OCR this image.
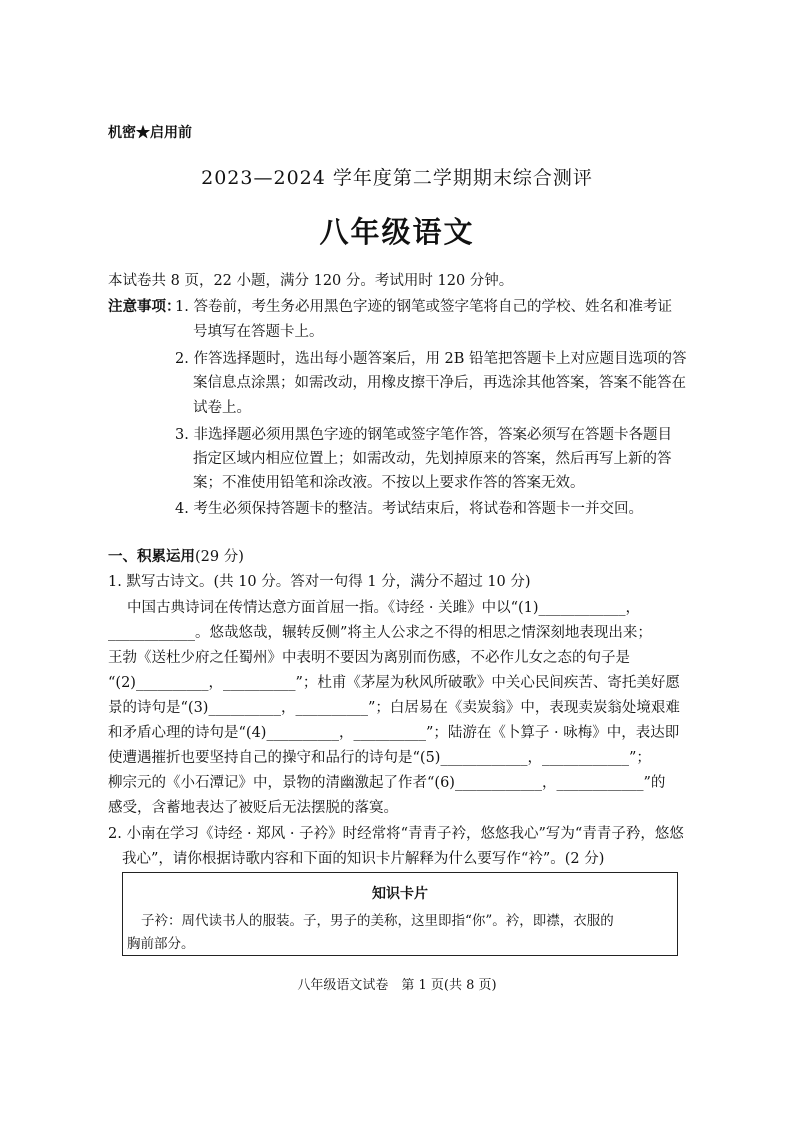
机密★启用前
2023—2024 学年度第二学期期末综合测评
八年级语文
本试卷共 8 页，22 小题，满分 120 分。考试用时 120 分钟。
注意事项：
1. 答卷前，考生务必用黑色字迹的钢笔或签字笔将自己的学校、姓名和准考证
号填写在答题卡上。
2. 作答选择题时，选出每小题答案后，用 2B 铅笔把答题卡上对应题目选项的答
案信息点涂黑；如需改动，用橡皮擦干净后，再选涂其他答案，答案不能答在
试卷上。
3. 非选择题必须用黑色字迹的钢笔或签字笔作答，答案必须写在答题卡各题目
指定区域内相应位置上；如需改动，先划掉原来的答案，然后再写上新的答
案；不准使用铅笔和涂改液。不按以上要求作答的答案无效。
4. 考生必须保持答题卡的整洁。考试结束后，将试卷和答题卡一并交回。
一、积累运用(29 分)
1. 默写古诗文。(共 10 分。答对一句得 1 分，满分不超过 10 分)
中国古典诗词在传情达意方面首屈一指。《诗经 · 关雎》中以“(1)____________，
____________。悠哉悠哉，辗转反侧”将主人公求之不得的相思之情深刻地表现出来；
王勃《送杜少府之任蜀州》中表明不要因为离别而伤感，不必作儿女之态的句子是
“(2)__________，__________”；杜甫《茅屋为秋风所破歌》中关心民间疾苦、寄托美好愿
景的诗句是“(3)__________，__________”；白居易在《卖炭翁》中，表现卖炭翁处境艰难
和矛盾心理的诗句是“(4)__________，__________”；陆游在《卜算子 · 咏梅》中，表达即
使遭遇摧折也要坚持自己的操守和品行的诗句是“(5)____________，____________”；
柳宗元的《小石潭记》中，景物的清幽激起了作者“(6)____________，____________”的
感受，含蓄地表达了被贬后无法摆脱的落寞。
2. 小南在学习《诗经 · 郑风 · 子衿》时经常将“青青子衿，悠悠我心”写为“青青子矜，悠悠
我心”，请你根据诗歌内容和下面的知识卡片解释为什么要写作“衿”。(2 分)
知识卡片
子衿：周代读书人的服装。子，男子的美称，这里即指“你”。衿，即襟，衣服的
胸前部分。
八年级语文试卷　第 1 页(共 8 页)
